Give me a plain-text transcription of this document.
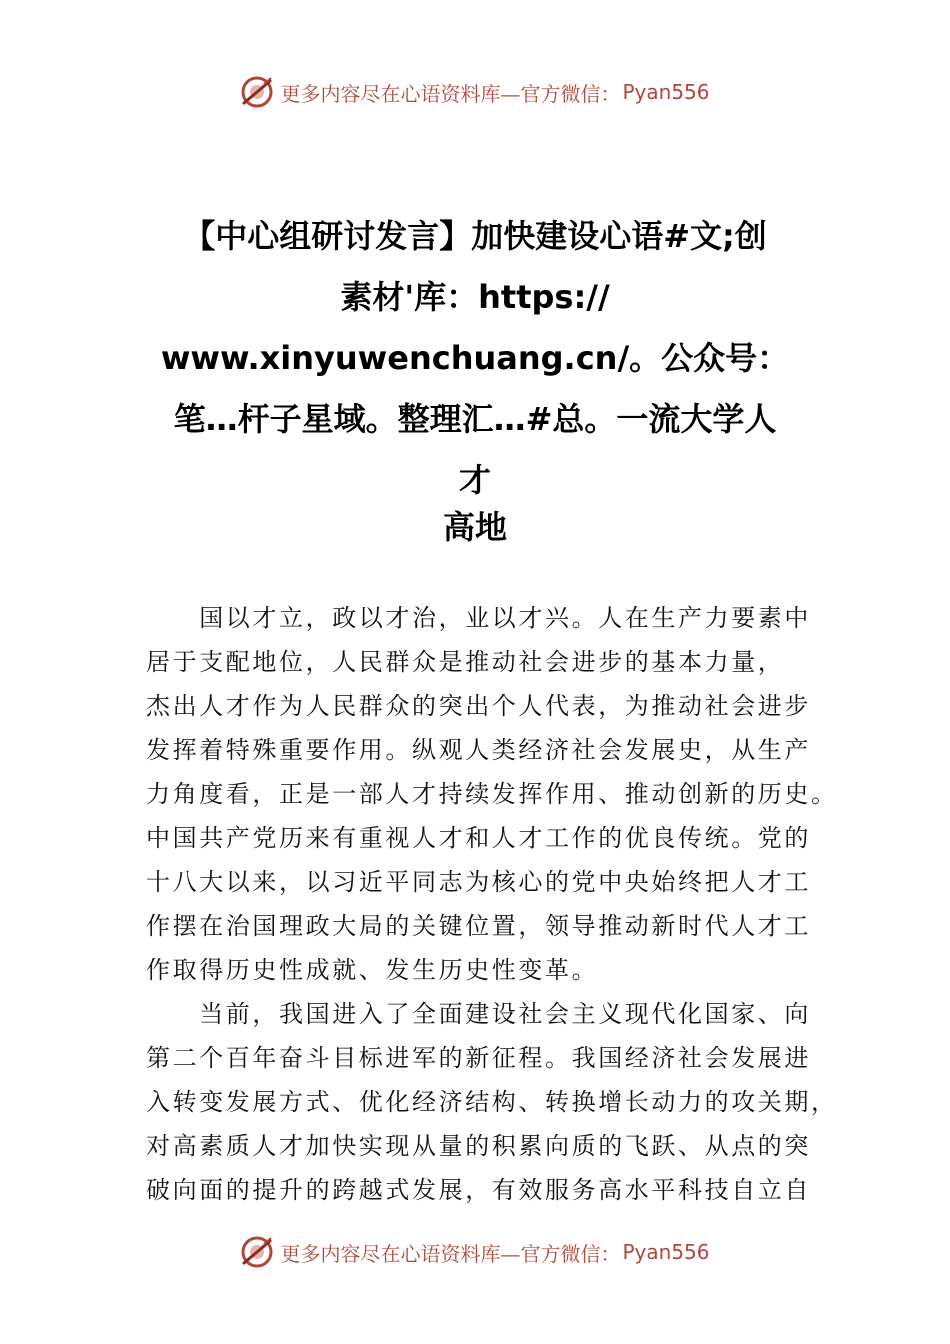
更多内容尽在心语资料库—官方微信： Pyan556
【中心组研讨发言】加快建设心语#文;创
素材'库：https://
www.xinyuwenchuang.cn/。公众号：
笔…杆子星域。整理汇…#总。一流大学人
才
高地
　　国以才立，政以才治，业以才兴。人在生产力要素中
居于支配地位，人民群众是推动社会进步的基本力量，
杰出人才作为人民群众的突出个人代表，为推动社会进步
发挥着特殊重要作用。纵观人类经济社会发展史，从生产
力角度看，正是一部人才持续发挥作用、推动创新的历史。
中国共产党历来有重视人才和人才工作的优良传统。党的
十八大以来，以习近平同志为核心的党中央始终把人才工
作摆在治国理政大局的关键位置，领导推动新时代人才工
作取得历史性成就、发生历史性变革。
　　当前，我国进入了全面建设社会主义现代化国家、向
第二个百年奋斗目标进军的新征程。我国经济社会发展进
入转变发展方式、优化经济结构、转换增长动力的攻关期，
对高素质人才加快实现从量的积累向质的飞跃、从点的突
破向面的提升的跨越式发展，有效服务高水平科技自立自
更多内容尽在心语资料库—官方微信： Pyan556
